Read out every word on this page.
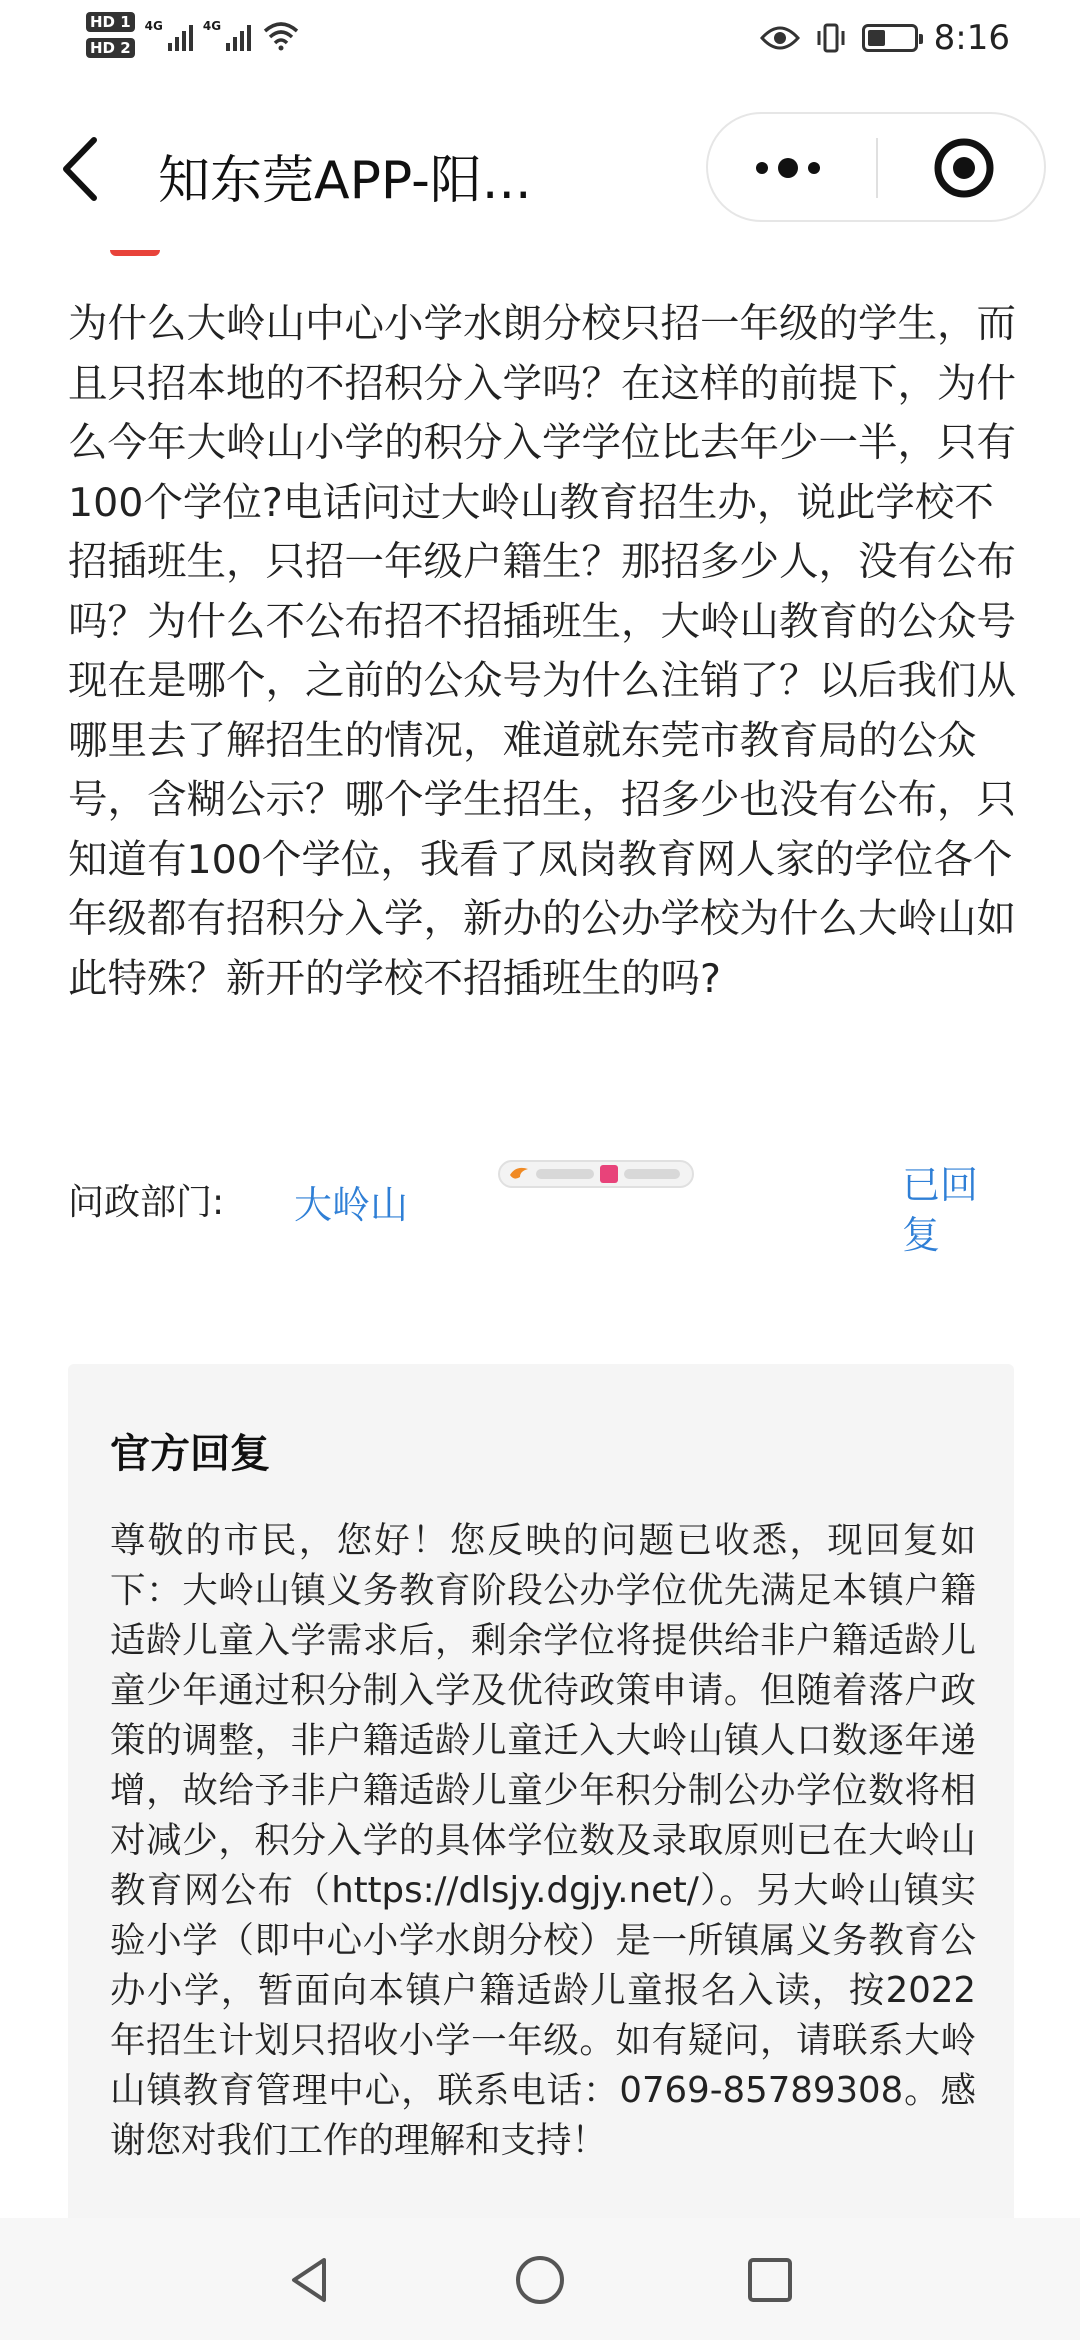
HD 1
HD 2
4G	4G	8:16
知东莞APP-阳...
为什么大岭山中心小学水朗分校只招一年级的学生，而且只招本地的不招积分入学吗？在这样的前提下，为什么今年大岭山小学的积分入学学位比去年少一半，只有100个学位?电话问过大岭山教育招生办，说此学校不招插班生，只招一年级户籍生？那招多少人，没有公布吗？为什么不公布招不招插班生，大岭山教育的公众号现在是哪个，之前的公众号为什么注销了？以后我们从哪里去了解招生的情况，难道就东莞市教育局的公众号，含糊公示？哪个学生招生，招多少也没有公布，只知道有100个学位，我看了凤岗教育网人家的学位各个年级都有招积分入学，新办的公办学校为什么大岭山如此特殊？新开的学校不招插班生的吗?
问政部门: 大岭山	已回复
官方回复
尊敬的市民，您好！您反映的问题已收悉，现回复如下：大岭山镇义务教育阶段公办学位优先满足本镇户籍适龄儿童入学需求后，剩余学位将提供给非户籍适龄儿童少年通过积分制入学及优待政策申请。但随着落户政策的调整，非户籍适龄儿童迁入大岭山镇人口数逐年递增，故给予非户籍适龄儿童少年积分制公办学位数将相对减少，积分入学的具体学位数及录取原则已在大岭山教育网公布（https://dlsjy.dgjy.net/）。另大岭山镇实验小学（即中心小学水朗分校）是一所镇属义务教育公办小学，暂面向本镇户籍适龄儿童报名入读，按2022年招生计划只招收小学一年级。如有疑问，请联系大岭山镇教育管理中心，联系电话：0769-85789308。感谢您对我们工作的理解和支持！
